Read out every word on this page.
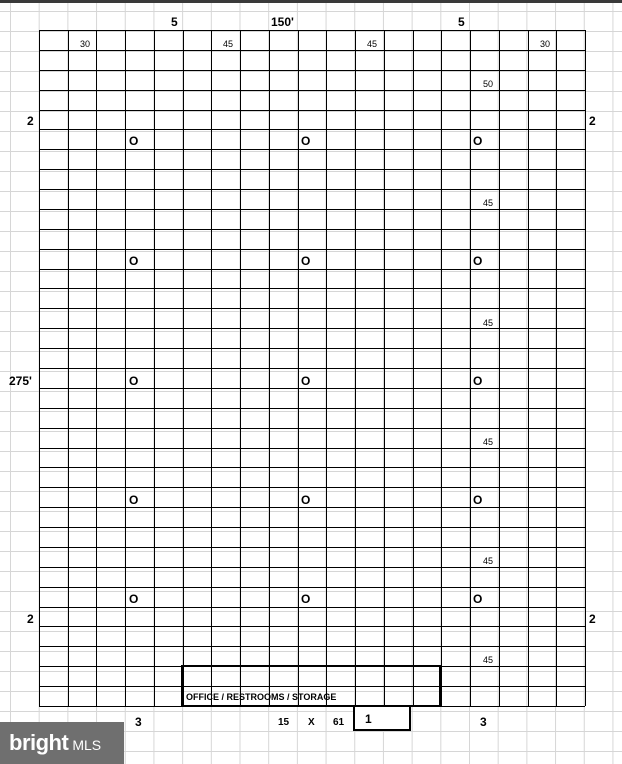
5	150'	5
30	45	45	30
50
45
45
45
45
45
2	2
275'
2	2
O	O	O
O	O	O
O	O	O
O	O	O
O	O	O
OFFICE / RESTROOMS / STORAGE
3	15 X 61 1	3
bright MLS
